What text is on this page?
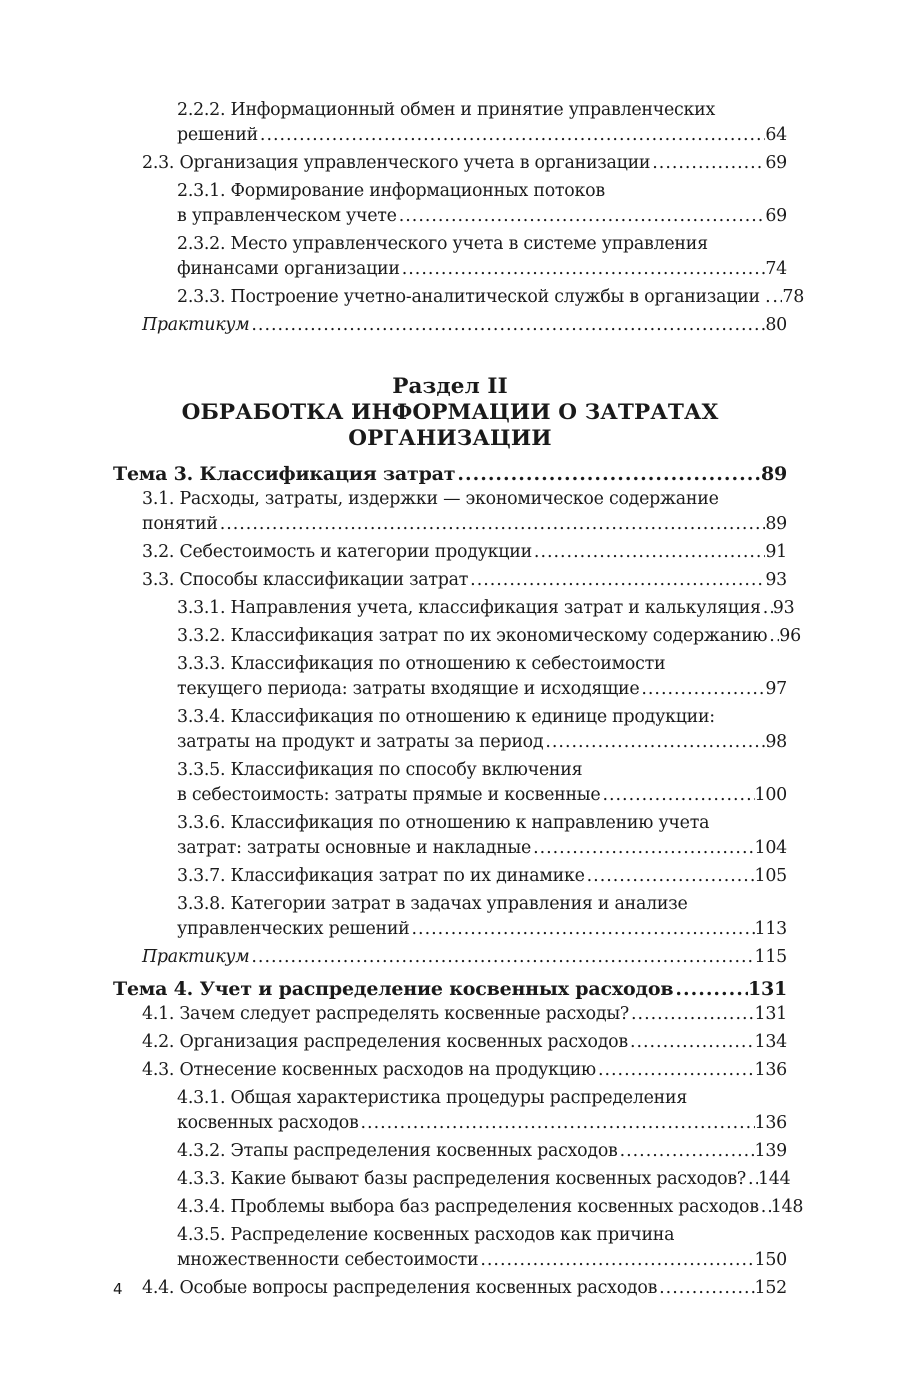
2.2.2. Информационный обмен и принятие управленческих
решений .....	64
2.3. Организация управленческого учета в организации .....	69
2.3.1. Формирование информационных потоков
в управленческом учете .....	69
2.3.2. Место управленческого учета в системе управления
финансами организации .....	74
2.3.3. Построение учетно-аналитической службы в организации . ..... 78
Практикум .....	80
Раздел II
ОБРАБОТКА ИНФОРМАЦИИ О ЗАТРАТАХ
ОРГАНИЗАЦИИ
Тема 3. Классификация затрат .....	89
3.1. Расходы, затраты, издержки — экономическое содержание
понятий .....	89
3.2. Себестоимость и категории продукции .....	91
3.3. Способы классификации затрат .....	93
3.3.1. Направления учета, классификация затрат и калькуляция ..... 93
3.3.2. Классификация затрат по их экономическому содержанию ..... 96
3.3.3. Классификация по отношению к себестоимости
текущего периода: затраты входящие и исходящие .....	97
3.3.4. Классификация по отношению к единице продукции:
затраты на продукт и затраты за период .....	98
3.3.5. Классификация по способу включения
в себестоимость: затраты прямые и косвенные .....	100
3.3.6. Классификация по отношению к направлению учета
затрат: затраты основные и накладные .....	104
3.3.7. Классификация затрат по их динамике .....	105
3.3.8. Категории затрат в задачах управления и анализе
управленческих решений .....	113
Практикум .....	115
Тема 4. Учет и распределение косвенных расходов .....	131
4.1. Зачем следует распределять косвенные расходы? .....	131
4.2. Организация распределения косвенных расходов .....	134
4.3. Отнесение косвенных расходов на продукцию .....	136
4.3.1. Общая характеристика процедуры распределения
косвенных расходов .....	136
4.3.2. Этапы распределения косвенных расходов .....	139
4.3.3. Какие бывают базы распределения косвенных расходов? ..... 144
4.3.4. Проблемы выбора баз распределения косвенных расходов ..... 148
4.3.5. Распределение косвенных расходов как причина
множественности себестоимости .....	150
4.4. Особые вопросы распределения косвенных расходов .....	152
4
